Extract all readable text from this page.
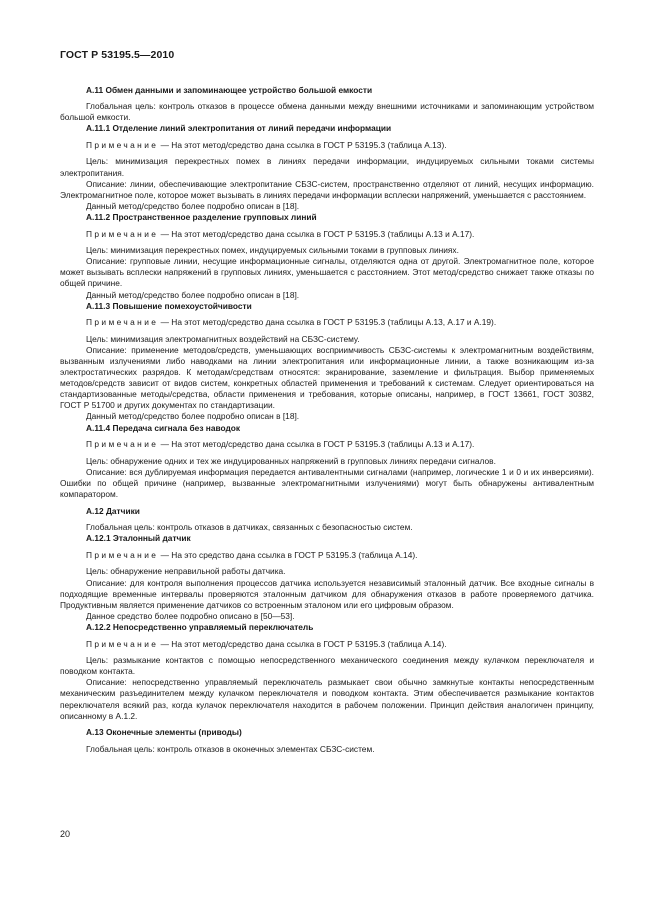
ГОСТ Р 53195.5—2010

A.11 Обмен данными и запоминающее устройство большой емкости

Глобальная цель: контроль отказов в процессе обмена данными между внешними источниками и запоминающим устройством большой емкости.

A.11.1 Отделение линий электропитания от линий передачи информации

Примечание — На этот метод/средство дана ссылка в ГОСТ Р 53195.3 (таблица А.13).

Цель: минимизация перекрестных помех в линиях передачи информации, индуцируемых сильными токами системы электропитания.

Описание: линии, обеспечивающие электропитание СБЗС-систем, пространственно отделяют от линий, несущих информацию. Электромагнитное поле, которое может вызывать в линиях передачи информации всплески напряжений, уменьшается с расстоянием.

Данный метод/средство более подробно описан в [18].

A.11.2 Пространственное разделение групповых линий

Примечание — На этот метод/средство дана ссылка в ГОСТ Р 53195.3 (таблицы А.13 и А.17).

Цель: минимизация перекрестных помех, индуцируемых сильными токами в групповых линиях.

Описание: групповые линии, несущие информационные сигналы, отделяются одна от другой. Электромагнитное поле, которое может вызывать всплески напряжений в групповых линиях, уменьшается с расстоянием. Этот метод/средство снижает также отказы по общей причине.

Данный метод/средство более подробно описан в [18].

A.11.3 Повышение помехоустойчивости

Примечание — На этот метод/средство дана ссылка в ГОСТ Р 53195.3 (таблицы А.13, А.17 и А.19).

Цель: минимизация электромагнитных воздействий на СБЗС-систему.

Описание: применение методов/средств, уменьшающих восприимчивость СБЗС-системы к электромагнитным воздействиям, вызванным излучениями либо наводками на линии электропитания или информационные линии, а также возникающим из-за электростатических разрядов. К методам/средствам относятся: экранирование, заземление и фильтрация. Выбор применяемых методов/средств зависит от видов систем, конкретных областей применения и требований к системам. Следует ориентироваться на стандартизованные методы/средства, области применения и требования, которые описаны, например, в ГОСТ 13661, ГОСТ 30382, ГОСТ Р 51700 и других документах по стандартизации.

Данный метод/средство более подробно описан в [18].

A.11.4 Передача сигнала без наводок

Примечание — На этот метод/средство дана ссылка в ГОСТ Р 53195.3 (таблицы А.13 и А.17).

Цель: обнаружение одних и тех же индуцированных напряжений в групповых линиях передачи сигналов.

Описание: вся дублируемая информация передается антивалентными сигналами (например, логические 1 и 0 и их инверсиями). Ошибки по общей причине (например, вызванные электромагнитными излучениями) могут быть обнаружены антивалентным компаратором.

A.12 Датчики

Глобальная цель: контроль отказов в датчиках, связанных с безопасностью систем.

A.12.1 Эталонный датчик

Примечание — На это средство дана ссылка в ГОСТ Р 53195.3 (таблица А.14).

Цель: обнаружение неправильной работы датчика.

Описание: для контроля выполнения процессов датчика используется независимый эталонный датчик. Все входные сигналы в подходящие временные интервалы проверяются эталонным датчиком для обнаружения отказов в работе проверяемого датчика. Продуктивным является применение датчиков со встроенным эталоном или его цифровым образом.

Данное средство более подробно описано в [50—53].

A.12.2 Непосредственно управляемый переключатель

Примечание — На этот метод/средство дана ссылка в ГОСТ Р 53195.3 (таблица А.14).

Цель: размыкание контактов с помощью непосредственного механического соединения между кулачком переключателя и поводком контакта.

Описание: непосредственно управляемый переключатель размыкает свои обычно замкнутые контакты непосредственным механическим разъединителем между кулачком переключателя и поводком контакта. Этим обеспечивается размыкание контактов переключателя всякий раз, когда кулачок переключателя находится в рабочем положении. Принцип действия аналогичен принципу, описанному в А.1.2.

A.13 Оконечные элементы (приводы)

Глобальная цель: контроль отказов в оконечных элементах СБЗС-систем.

20
